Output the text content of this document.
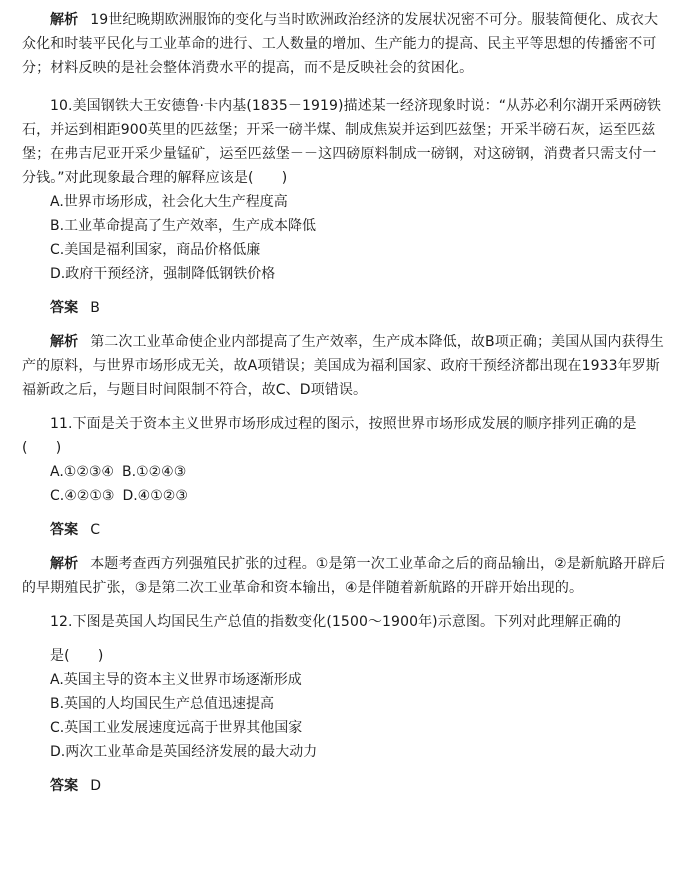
解析 19世纪晚期欧洲服饰的变化与当时欧洲政治经济的发展状况密不可分。服装简便化、成衣大众化和时装平民化与工业革命的进行、工人数量的增加、生产能力的提高、民主平等思想的传播密不可分；材料反映的是社会整体消费水平的提高，而不是反映社会的贫困化。

10.美国钢铁大王安德鲁·卡内基(1835－1919)描述某一经济现象时说：“从苏必利尔湖开采两磅铁石，并运到相距900英里的匹兹堡；开采一磅半煤、制成焦炭并运到匹兹堡；开采半磅石灰，运至匹兹堡；在弗吉尼亚开采少量锰矿，运至匹兹堡－－这四磅原料制成一磅钢，对这磅钢，消费者只需支付一分钱。”对此现象最合理的解释应该是(　　)

A.世界市场形成，社会化大生产程度高

B.工业革命提高了生产效率，生产成本降低

C.美国是福利国家，商品价格低廉

D.政府干预经济，强制降低钢铁价格

答案 B

解析 第二次工业革命使企业内部提高了生产效率，生产成本降低，故B项正确；美国从国内获得生产的原料，与世界市场形成无关，故A项错误；美国成为福利国家、政府干预经济都出现在1933年罗斯福新政之后，与题目时间限制不符合，故C、D项错误。

11.下面是关于资本主义世界市场形成过程的图示，按照世界市场形成发展的顺序排列正确的是(　　)

A.①②③④ B.①②④③

C.④②①③ D.④①②③

答案 C

解析 本题考查西方列强殖民扩张的过程。①是第一次工业革命之后的商品输出，②是新航路开辟后的早期殖民扩张，③是第二次工业革命和资本输出，④是伴随着新航路的开辟开始出现的。

12.下图是英国人均国民生产总值的指数变化(1500～1900年)示意图。下列对此理解正确的

是(　　)

A.英国主导的资本主义世界市场逐渐形成

B.英国的人均国民生产总值迅速提高

C.英国工业发展速度远高于世界其他国家

D.两次工业革命是英国经济发展的最大动力

答案 D
